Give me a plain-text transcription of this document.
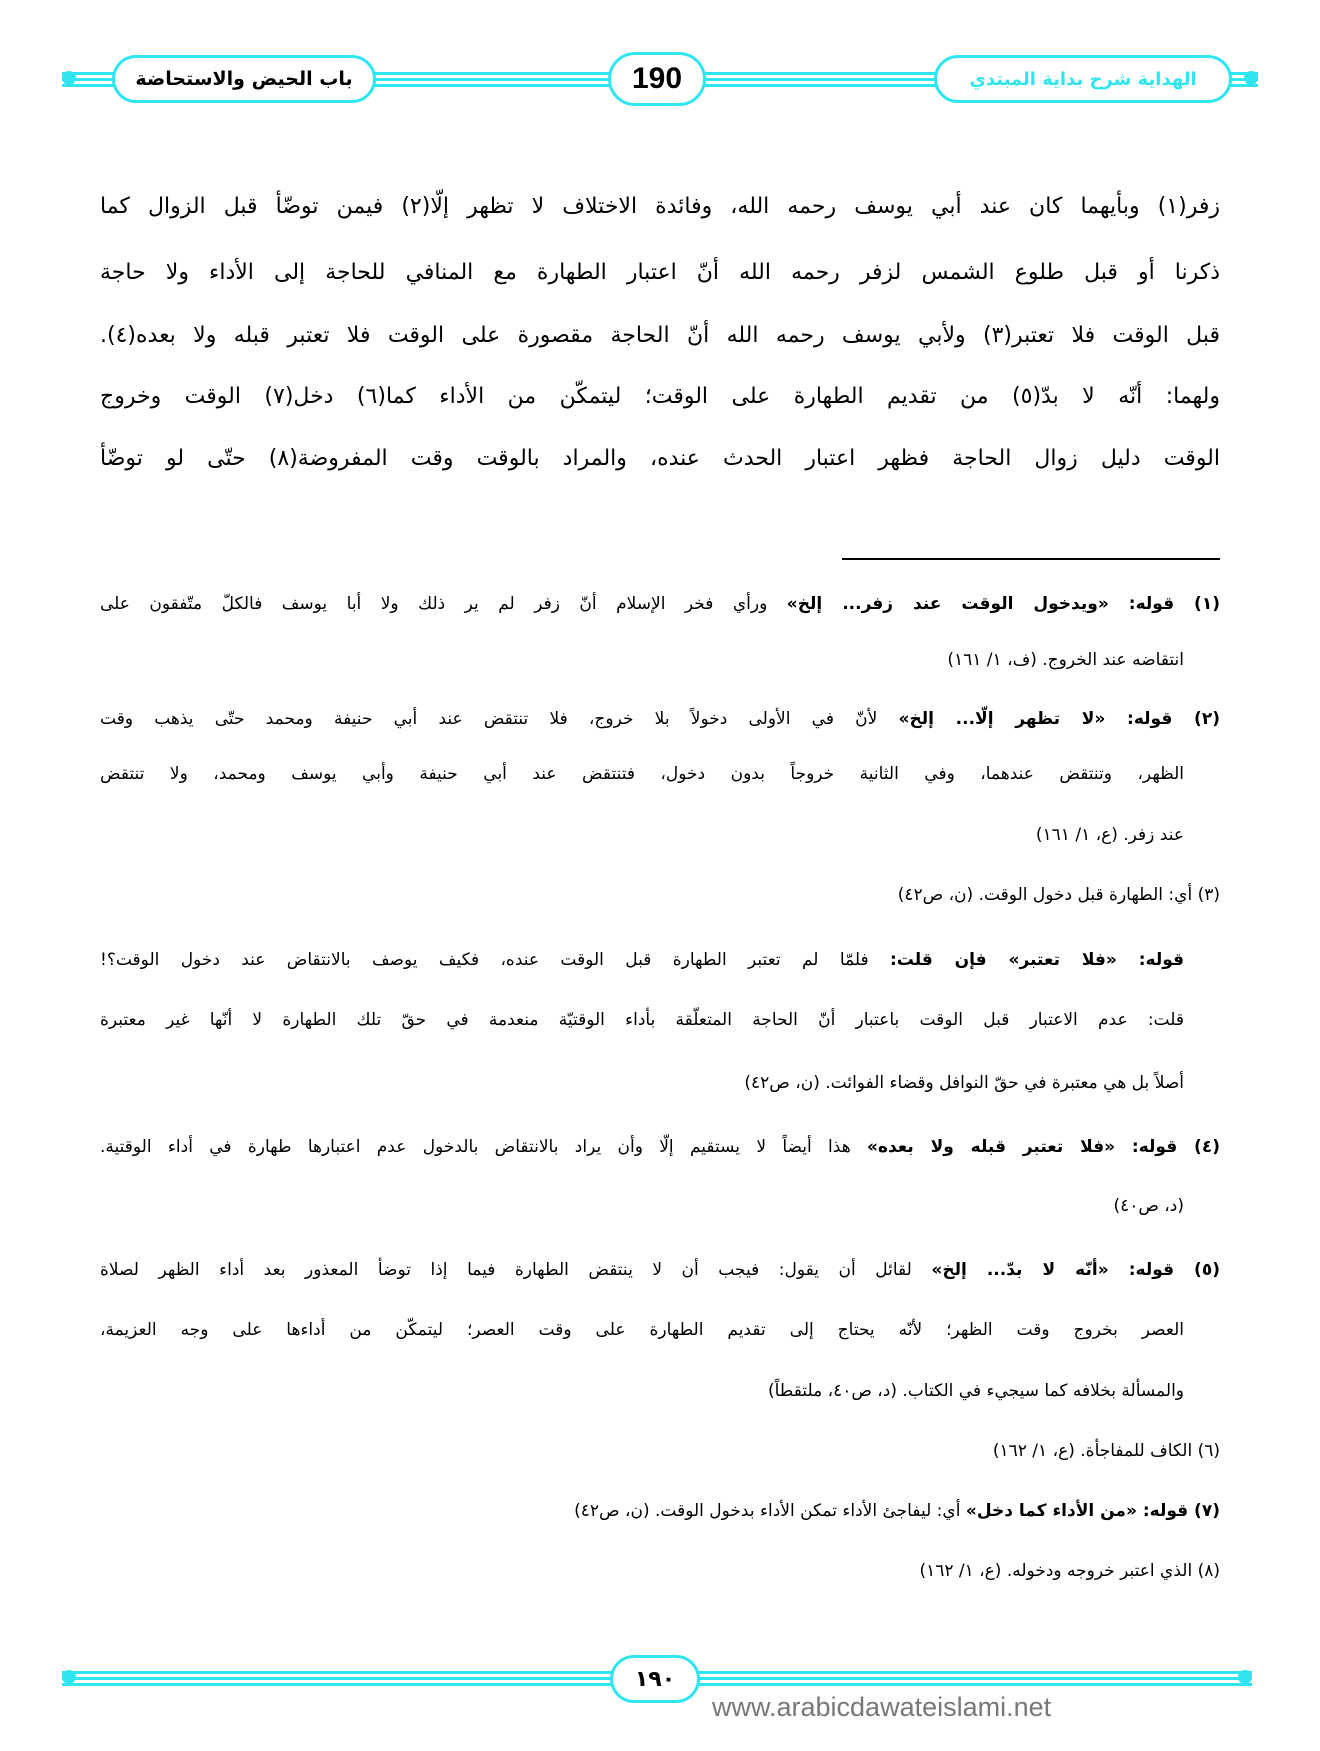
باب الحيض والاستحاضة	190	الهداية شرح بداية المبتدي
زفر(١) وبأيهما كان عند أبي يوسف رحمه الله، وفائدة الاختلاف لا تظهر إلّا(٢) فيمن توضّأ قبل الزوال كما
ذكرنا أو قبل طلوع الشمس لزفر رحمه الله أنّ اعتبار الطهارة مع المنافي للحاجة إلى الأداء ولا حاجة
قبل الوقت فلا تعتبر(٣) ولأبي يوسف رحمه الله أنّ الحاجة مقصورة على الوقت فلا تعتبر قبله ولا بعده(٤).
ولهما: أنّه لا بدّ(٥) من تقديم الطهارة على الوقت؛ ليتمكّن من الأداء كما(٦) دخل(٧) الوقت وخروج
الوقت دليل زوال الحاجة فظهر اعتبار الحدث عنده، والمراد بالوقت وقت المفروضة(٨) حتّى لو توضّأ
(١) قوله: «ويدخول الوقت عند زفر... إلخ» ورأي فخر الإسلام أنّ زفر لم ير ذلك ولا أبا يوسف فالكلّ متّفقون على
انتقاضه عند الخروج. (ف، ١/ ١٦١)
(٢) قوله: «لا تظهر إلّا... إلخ» لأنّ في الأولى دخولاً بلا خروج، فلا تنتقض عند أبي حنيفة ومحمد حتّى يذهب وقت
الظهر، وتنتقض عندهما، وفي الثانية خروجاً بدون دخول، فتنتقض عند أبي حنيفة وأبي يوسف ومحمد، ولا تنتقض
عند زفر. (ع، ١/ ١٦١)
(٣) أي: الطهارة قبل دخول الوقت. (ن، ص٤٢)
قوله: «فلا تعتبر» فإن قلت: فلمّا لم تعتبر الطهارة قبل الوقت عنده، فكيف يوصف بالانتقاض عند دخول الوقت؟!
قلت: عدم الاعتبار قبل الوقت باعتبار أنّ الحاجة المتعلّقة بأداء الوقتيّة منعدمة في حقّ تلك الطهارة لا أنّها غير معتبرة
أصلاً بل هي معتبرة في حقّ النوافل وقضاء الفوائت. (ن، ص٤٢)
(٤) قوله: «فلا تعتبر قبله ولا بعده» هذا أيضاً لا يستقيم إلّا وأن يراد بالانتقاض بالدخول عدم اعتبارها طهارة في أداء الوقتية.
(د، ص٤٠)
(٥) قوله: «أنّه لا بدّ... إلخ» لقائل أن يقول: فيجب أن لا ينتقض الطهارة فيما إذا توضأ المعذور بعد أداء الظهر لصلاة
العصر بخروج وقت الظهر؛ لأنّه يحتاج إلى تقديم الطهارة على وقت العصر؛ ليتمكّن من أداءها على وجه العزيمة،
والمسألة بخلافه كما سيجيء في الكتاب. (د، ص٤٠، ملتقطاً)
(٦) الكاف للمفاجأة. (ع، ١/ ١٦٢)
(٧) قوله: «من الأداء كما دخل» أي: ليفاجئ الأداء تمكن الأداء بدخول الوقت. (ن، ص٤٢)
(٨) الذي اعتبر خروجه ودخوله. (ع، ١/ ١٦٢)
١٩٠
www.arabicdawateislami.net
